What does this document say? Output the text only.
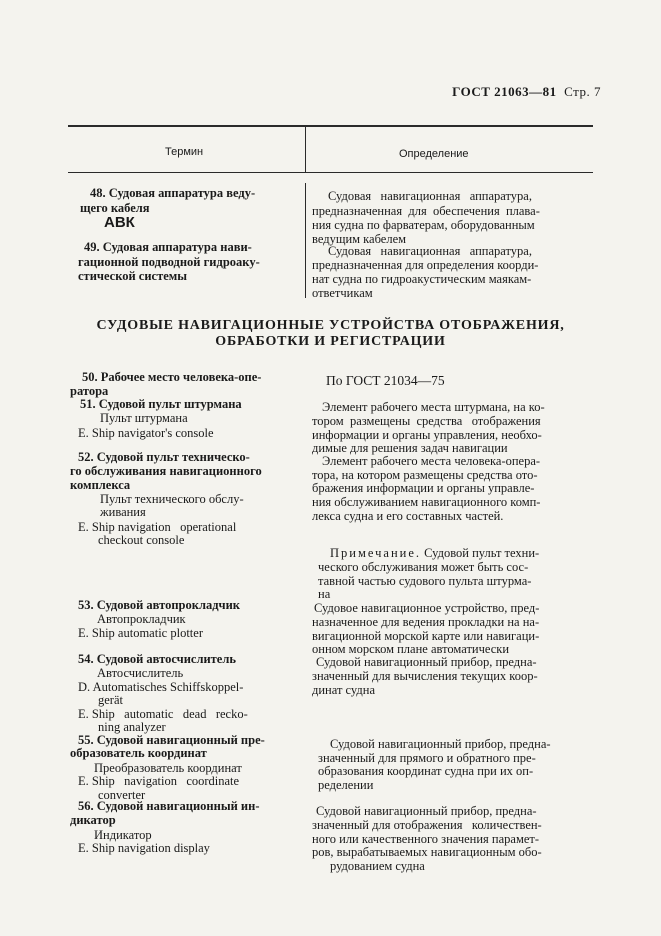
ГОСТ 21063—81 Стр. 7
Термин	Определение

48. Судовая аппаратура веду-

щего кабеля

АВК

49. Судовая аппаратура нави-

гационной подводной гидроаку-

стической системы

Судовая   навигационная   аппаратура,

предназначенная  для  обеспечения  плава-

ния судна по фарватерам, оборудованным

ведущим кабелем

Судовая   навигационная   аппаратура,

предназначенная для определения коорди-

нат судна по гидроакустическим маякам-

ответчикам

СУДОВЫЕ НАВИГАЦИОННЫЕ УСТРОЙСТВА ОТОБРАЖЕНИЯ,

ОБРАБОТКИ И РЕГИСТРАЦИИ

50. Рабочее место человека-опе-

ратора

51. Судовой пульт штурмана

Пульт штурмана

E. Ship navigator's console

52. Судовой пульт техническо-

го обслуживания навигационного

комплекса

Пульт технического обслу-

живания

E. Ship navigation   operational

checkout console

53. Судовой автопрокладчик

Автопрокладчик

E. Ship automatic plotter

54. Судовой автосчислитель

Автосчислитель

D. Automatisches Schiffskoppel-

gerät

E. Ship   automatic   dead   recko-

ning analyzer

55. Судовой навигационный пре-

образователь координат

Преобразователь координат

E. Ship   navigation   coordinate

converter

56. Судовой навигационный ин-

дикатор

Индикатор

E. Ship navigation display

По ГОСТ 21034—75

Элемент рабочего места штурмана, на ко-

тором  размещены  средства   отображения

информации и органы управления, необхо-

димые для решения задач навигации

Элемент рабочего места человека-опера-

тора, на котором размещены средства ото-

бражения информации и органы управле-

ния обслуживанием навигационного комп-

лекса судна и его составных частей.

Примечание. Судовой пульт техни-

ческого обслуживания может быть сос-

тавной частью судового пульта штурма-

на

Судовое навигационное устройство, пред-

назначенное для ведения прокладки на на-

вигационной морской карте или навигаци-

онном морском плане автоматически

Судовой навигационный прибор, предна-

значенный для вычисления текущих коор-

динат судна

Судовой навигационный прибор, предна-

значенный для прямого и обратного пре-

образования координат судна при их оп-

ределении

Судовой навигационный прибор, предна-

значенный для отображения   количествен-

ного или качественного значения парамет-

ров, вырабатываемых навигационным обо-

рудованием судна
